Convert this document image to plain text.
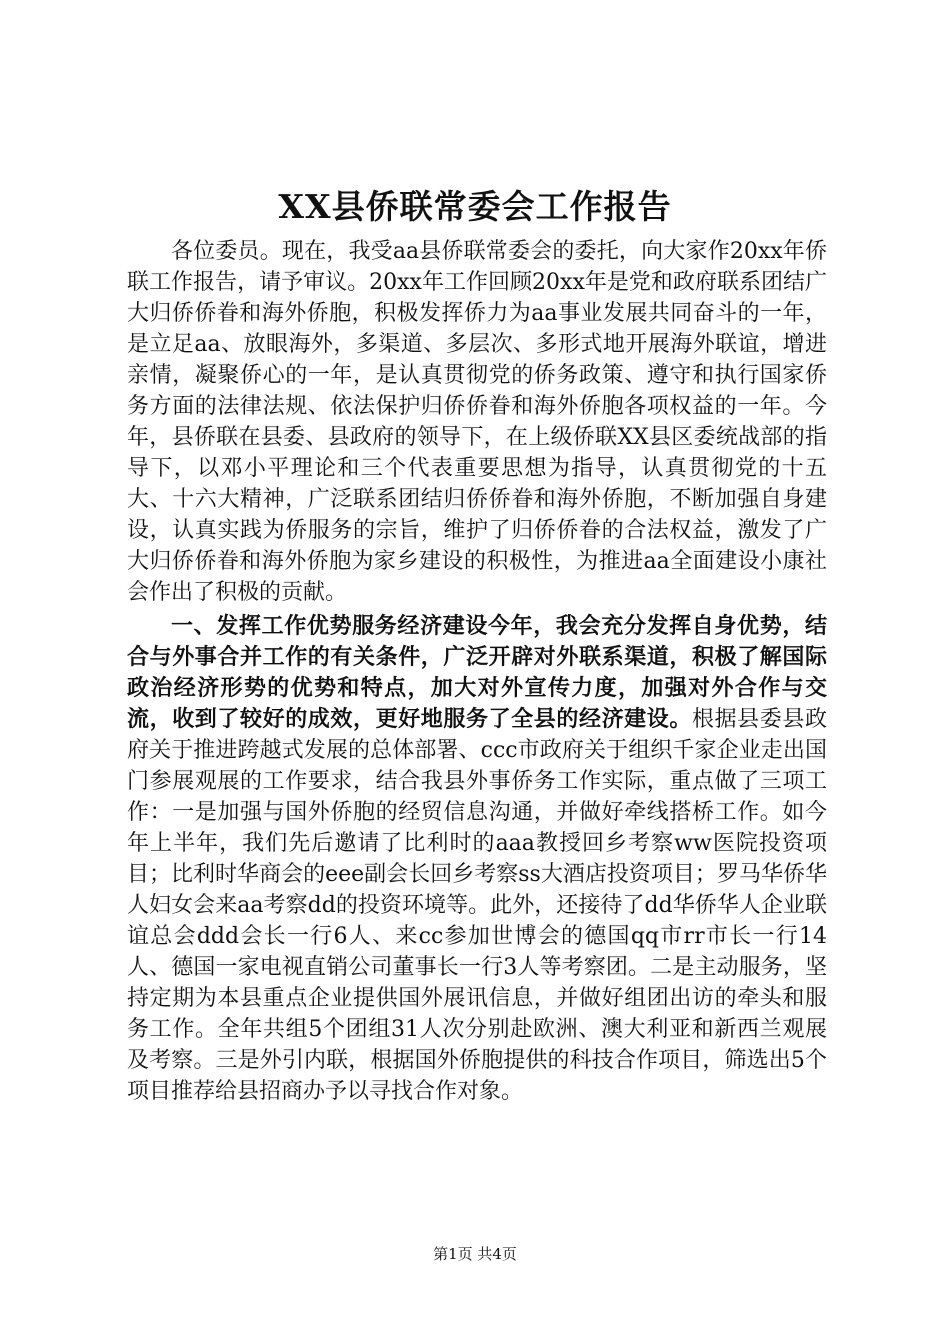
XX县侨联常委会工作报告

各位委员。现在，我受aa县侨联常委会的委托，向大家作20xx年侨联工作报告，请予审议。20xx年工作回顾20xx年是党和政府联系团结广大归侨侨眷和海外侨胞，积极发挥侨力为aa事业发展共同奋斗的一年，是立足aa、放眼海外，多渠道、多层次、多形式地开展海外联谊，增进亲情，凝聚侨心的一年，是认真贯彻党的侨务政策、遵守和执行国家侨务方面的法律法规、依法保护归侨侨眷和海外侨胞各项权益的一年。今年，县侨联在县委、县政府的领导下，在上级侨联XX县区委统战部的指导下，以邓小平理论和三个代表重要思想为指导，认真贯彻党的十五大、十六大精神，广泛联系团结归侨侨眷和海外侨胞，不断加强自身建设，认真实践为侨服务的宗旨，维护了归侨侨眷的合法权益，激发了广大归侨侨眷和海外侨胞为家乡建设的积极性，为推进aa全面建设小康社会作出了积极的贡献。

一、发挥工作优势服务经济建设今年，我会充分发挥自身优势，结合与外事合并工作的有关条件，广泛开辟对外联系渠道，积极了解国际政治经济形势的优势和特点，加大对外宣传力度，加强对外合作与交流，收到了较好的成效，更好地服务了全县的经济建设。根据县委县政府关于推进跨越式发展的总体部署、ccc市政府关于组织千家企业走出国门参展观展的工作要求，结合我县外事侨务工作实际，重点做了三项工作：一是加强与国外侨胞的经贸信息沟通，并做好牵线搭桥工作。如今年上半年，我们先后邀请了比利时的aaa教授回乡考察ww医院投资项目；比利时华商会的eee副会长回乡考察ss大酒店投资项目；罗马华侨华人妇女会来aa考察dd的投资环境等。此外，还接待了dd华侨华人企业联谊总会ddd会长一行6人、来cc参加世博会的德国qq市rr市长一行14人、德国一家电视直销公司董事长一行3人等考察团。二是主动服务，坚持定期为本县重点企业提供国外展讯信息，并做好组团出访的牵头和服务工作。全年共组5个团组31人次分别赴欧洲、澳大利亚和新西兰观展及考察。三是外引内联，根据国外侨胞提供的科技合作项目，筛选出5个项目推荐给县招商办予以寻找合作对象。

第1页 共4页
